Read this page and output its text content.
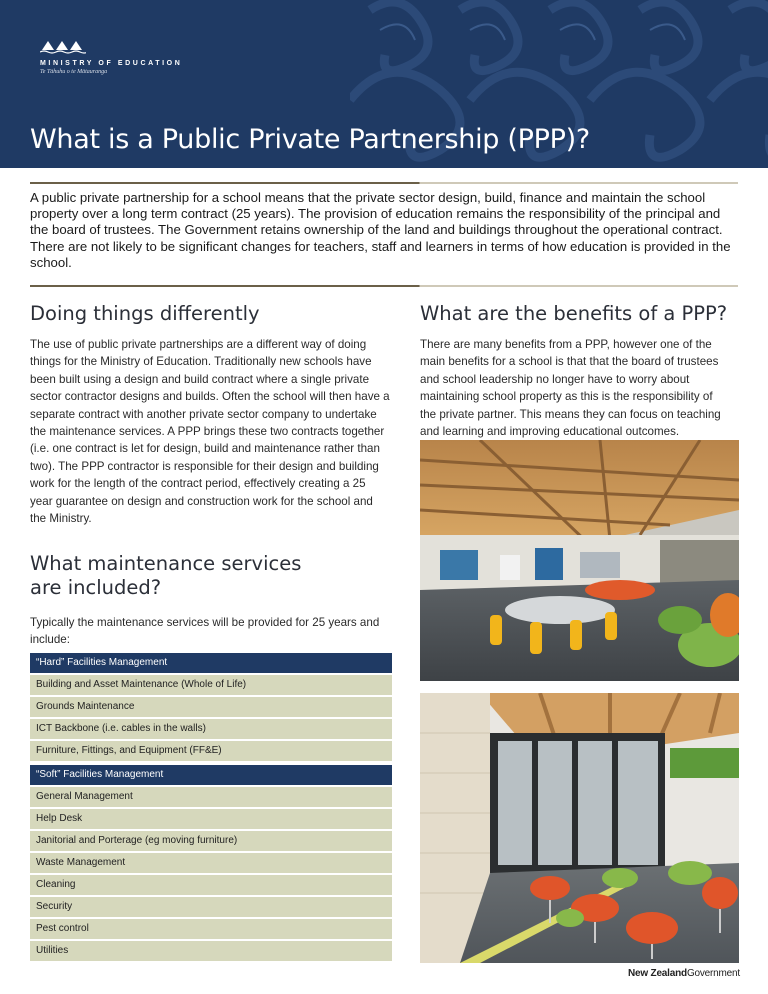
MINISTRY OF EDUCATION
Te Tāhuhu o te Mātauranga
What is a Public Private Partnership (PPP)?

A public private partnership for a school means that the private sector design, build, finance and maintain the school property over a long term contract (25 years). The provision of education remains the responsibility of the principal and the board of trustees. The Government retains ownership of the land and buildings throughout the operational contract. There are not likely to be significant changes for teachers, staff and learners in terms of how education is provided in the school.

Doing things differently

The use of public private partnerships are a different way of doing things for the Ministry of Education. Traditionally new schools have been built using a design and build contract where a single private sector contractor designs and builds. Often the school will then have a separate contract with another private sector company to undertake the maintenance services. A PPP brings these two contracts together (i.e. one contract is let for design, build and maintenance rather than two). The PPP contractor is responsible for their design and building work for the length of the contract period, effectively creating a 25 year guarantee on design and construction work for the school and the Ministry.

What maintenance services
are included?

Typically the maintenance services will be provided for 25 years and include:

“Hard” Facilities Management
Building and Asset Maintenance (Whole of Life)
Grounds Maintenance
ICT Backbone (i.e. cables in the walls)
Furniture, Fittings, and Equipment (FF&E)
“Soft” Facilities Management
General Management
Help Desk
Janitorial and Porterage (eg moving furniture)
Waste Management
Cleaning
Security
Pest control
Utilities
What are the benefits of a PPP?

There are many benefits from a PPP, however one of the main benefits for a school is that that the board of trustees and school leadership no longer have to worry about maintaining school property as this is the responsibility of the private partner. This means they can focus on teaching and learning and improving educational outcomes.

New ZealandGovernment
